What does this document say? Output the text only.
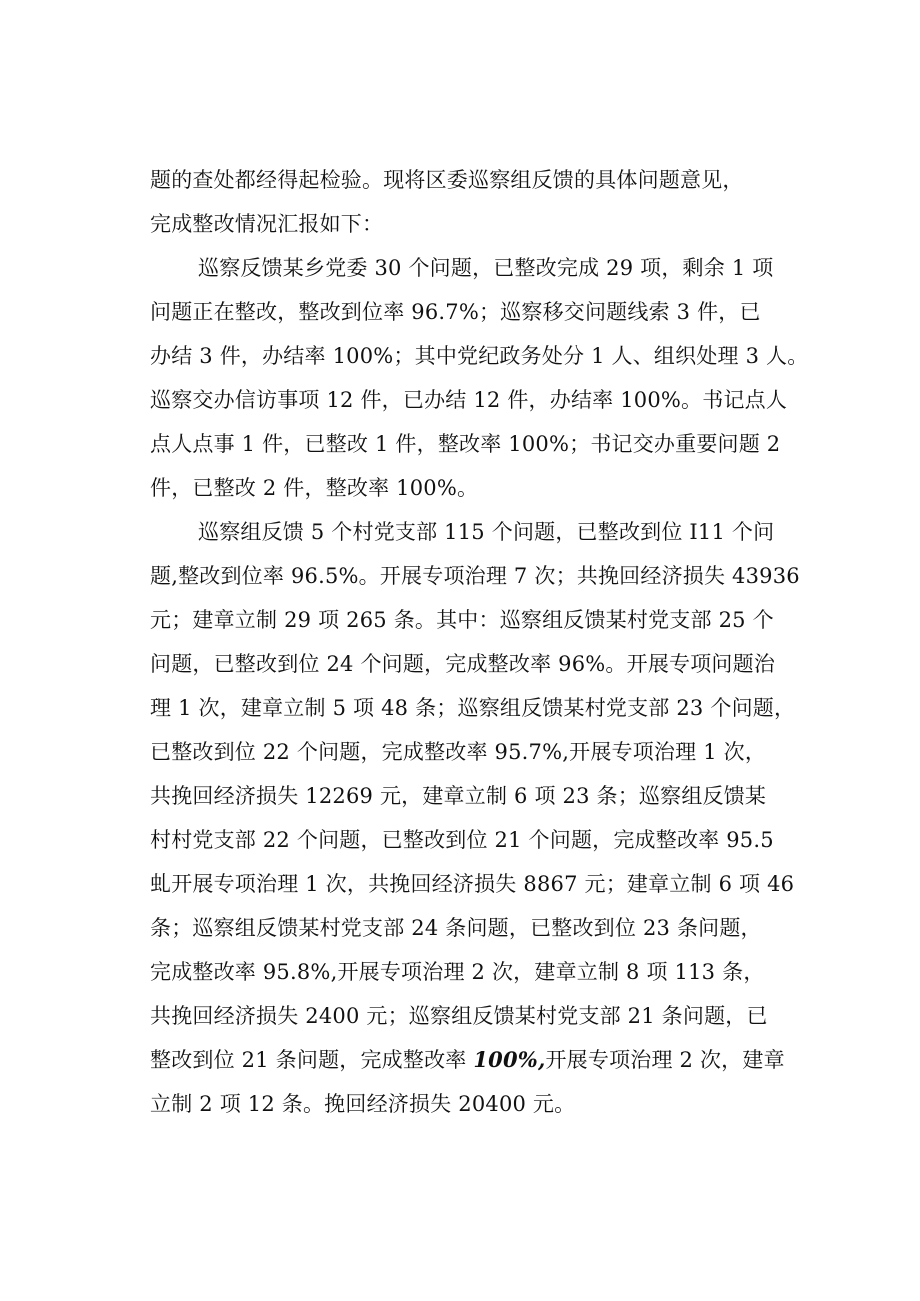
题的查处都经得起检验。现将区委巡察组反馈的具体问题意见，
完成整改情况汇报如下：
巡察反馈某乡党委 30 个问题，已整改完成 29 项，剩余 1 项
问题正在整改，整改到位率 96.7%；巡察移交问题线索 3 件，已
办结 3 件，办结率 100%；其中党纪政务处分 1 人、组织处理 3 人。
巡察交办信访事项 12 件，已办结 12 件，办结率 100%。书记点人
点人点事 1 件，已整改 1 件，整改率 100%；书记交办重要问题 2
件，已整改 2 件，整改率 100%。
巡察组反馈 5 个村党支部 115 个问题，已整改到位 I11 个问
题,整改到位率 96.5%。开展专项治理 7 次；共挽回经济损失 43936
元；建章立制 29 项 265 条。其中：巡察组反馈某村党支部 25 个
问题，已整改到位 24 个问题，完成整改率 96%。开展专项问题治
理 1 次，建章立制 5 项 48 条；巡察组反馈某村党支部 23 个问题，
已整改到位 22 个问题，完成整改率 95.7%,开展专项治理 1 次，
共挽回经济损失 12269 元，建章立制 6 项 23 条；巡察组反馈某
村村党支部 22 个问题，已整改到位 21 个问题，完成整改率 95.5
虬开展专项治理 1 次，共挽回经济损失 8867 元；建章立制 6 项 46
条；巡察组反馈某村党支部 24 条问题，已整改到位 23 条问题，
完成整改率 95.8%,开展专项治理 2 次，建章立制 8 项 113 条，
共挽回经济损失 2400 元；巡察组反馈某村党支部 21 条问题，已
整改到位 21 条问题，完成整改率 100%,开展专项治理 2 次，建章
立制 2 项 12 条。挽回经济损失 20400 元。
